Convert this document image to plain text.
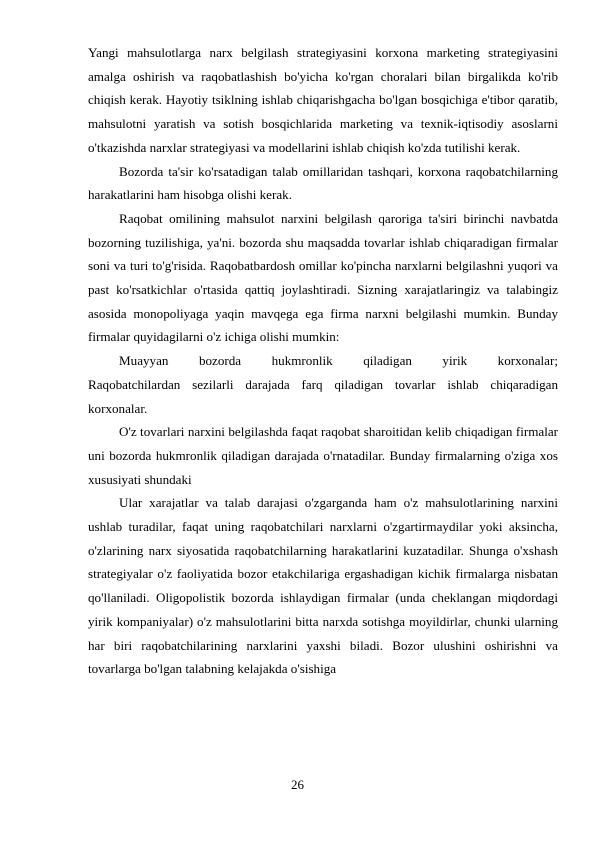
Yangi mahsulotlarga narx belgilash strategiyasini korxona marketing strategiyasini amalga oshirish va raqobatlashish bo'yicha ko'rgan choralari bilan birgalikda ko'rib chiqish kerak. Hayotiy tsiklning ishlab chiqarishgacha bo'lgan bosqichiga e'tibor qaratib, mahsulotni yaratish va sotish bosqichlarida marketing va texnik-iqtisodiy asoslarni o'tkazishda narxlar strategiyasi va modellarini ishlab chiqish ko'zda tutilishi kerak.

Bozorda ta'sir ko'rsatadigan talab omillaridan tashqari, korxona raqobatchilarning harakatlarini ham hisobga olishi kerak.

Raqobat omilining mahsulot narxini belgilash qaroriga ta'siri birinchi navbatda bozorning tuzilishiga, ya'ni. bozorda shu maqsadda tovarlar ishlab chiqaradigan firmalar soni va turi to'g'risida. Raqobatbardosh omillar ko'pincha narxlarni belgilashni yuqori va past ko'rsatkichlar o'rtasida qattiq joylashtiradi. Sizning xarajatlaringiz va talabingiz asosida monopoliyaga yaqin mavqega ega firma narxni belgilashi mumkin. Bunday firmalar quyidagilarni o'z ichiga olishi mumkin:

Muayyan bozorda hukmronlik qiladigan yirik korxonalar;

Raqobatchilardan sezilarli darajada farq qiladigan tovarlar ishlab chiqaradigan korxonalar.

O'z tovarlari narxini belgilashda faqat raqobat sharoitidan kelib chiqadigan firmalar uni bozorda hukmronlik qiladigan darajada o'rnatadilar. Bunday firmalarning o'ziga xos xususiyati shundaki

Ular xarajatlar va talab darajasi o'zgarganda ham o'z mahsulotlarining narxini ushlab turadilar, faqat uning raqobatchilari narxlarni o'zgartirmaydilar yoki aksincha, o'zlarining narx siyosatida raqobatchilarning harakatlarini kuzatadilar. Shunga o'xshash strategiyalar o'z faoliyatida bozor etakchilariga ergashadigan kichik firmalarga nisbatan qo'llaniladi. Oligopolistik bozorda ishlaydigan firmalar (unda cheklangan miqdordagi yirik kompaniyalar) o'z mahsulotlarini bitta narxda sotishga moyildirlar, chunki ularning har biri raqobatchilarining narxlarini yaxshi biladi. Bozor ulushini oshirishni va tovarlarga bo'lgan talabning kelajakda o'sishiga

26
